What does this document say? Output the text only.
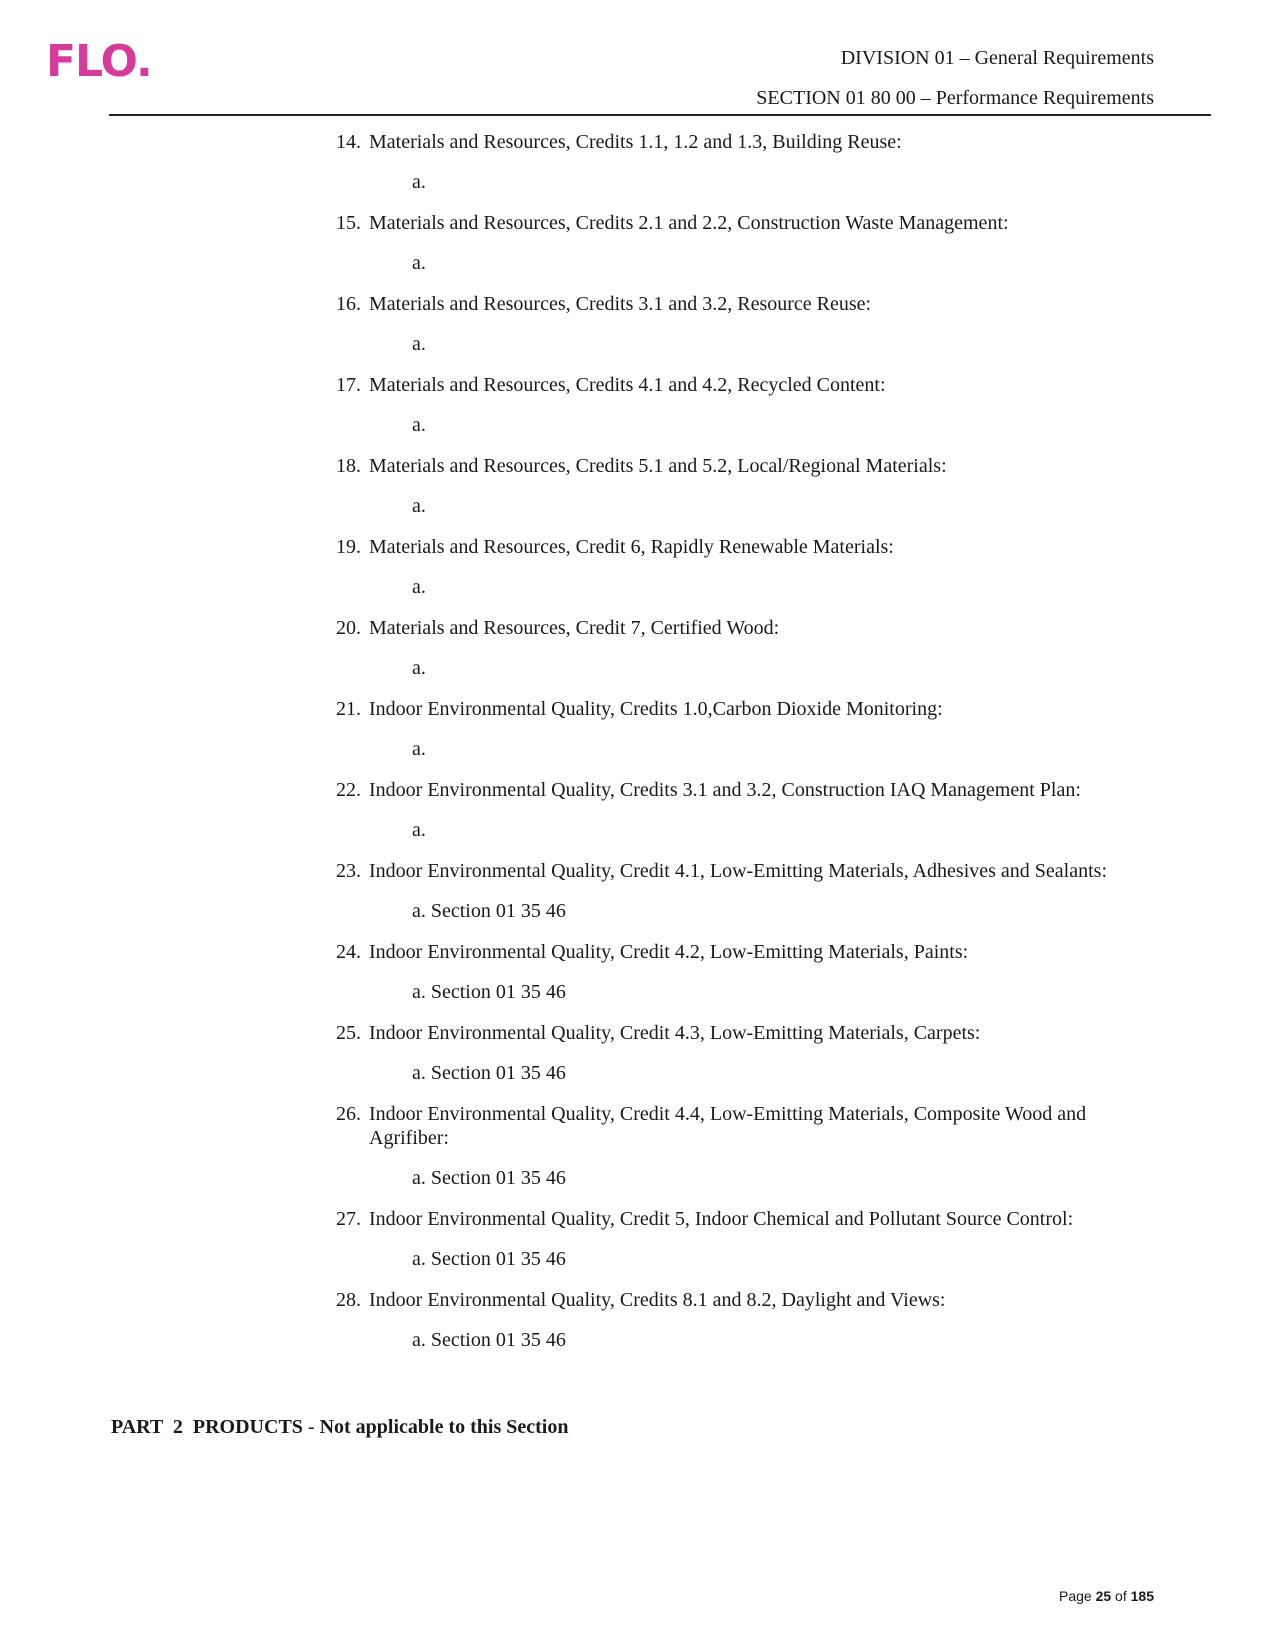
FLO.	DIVISION 01 – General Requirements
SECTION 01 80 00 – Performance Requirements
14. Materials and Resources, Credits 1.1, 1.2 and 1.3, Building Reuse:
a.
15. Materials and Resources, Credits 2.1 and 2.2, Construction Waste Management:
a.
16. Materials and Resources, Credits 3.1 and 3.2, Resource Reuse:
a.
17. Materials and Resources, Credits 4.1 and 4.2, Recycled Content:
a.
18. Materials and Resources, Credits 5.1 and 5.2, Local/Regional Materials:
a.
19. Materials and Resources, Credit 6, Rapidly Renewable Materials:
a.
20. Materials and Resources, Credit 7, Certified Wood:
a.
21. Indoor Environmental Quality, Credits 1.0,Carbon Dioxide Monitoring:
a.
22. Indoor Environmental Quality, Credits 3.1 and 3.2, Construction IAQ Management Plan:
a.
23. Indoor Environmental Quality, Credit 4.1, Low-Emitting Materials, Adhesives and Sealants:
a. Section 01 35 46
24. Indoor Environmental Quality, Credit 4.2, Low-Emitting Materials, Paints:
a. Section 01 35 46
25. Indoor Environmental Quality, Credit 4.3, Low-Emitting Materials, Carpets:
a. Section 01 35 46
26. Indoor Environmental Quality, Credit 4.4, Low-Emitting Materials, Composite Wood and Agrifiber:
a. Section 01 35 46
27. Indoor Environmental Quality, Credit 5, Indoor Chemical and Pollutant Source Control:
a. Section 01 35 46
28. Indoor Environmental Quality, Credits 8.1 and 8.2, Daylight and Views:
a. Section 01 35 46
PART  2  PRODUCTS - Not applicable to this Section
Page 25 of 185
